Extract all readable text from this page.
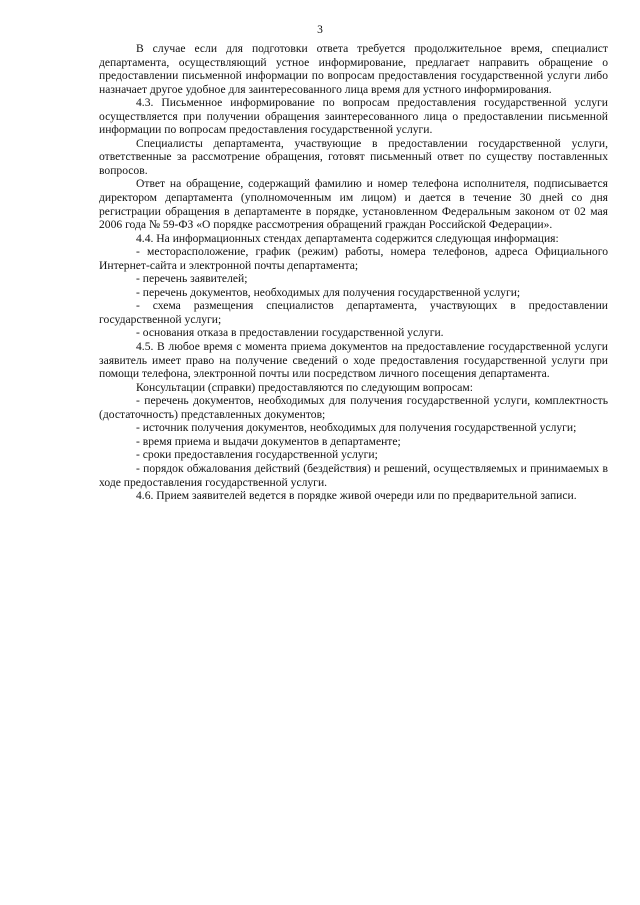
3

В случае если для подготовки ответа требуется продолжительное время, специалист департамента, осуществляющий устное информирование, предлагает направить обращение о предоставлении письменной информации по вопросам предоставления государственной услуги либо назначает другое удобное для заинтересованного лица время для устного информирования.

4.3. Письменное информирование по вопросам предоставления государственной услуги осуществляется при получении обращения заинтересованного лица о предоставлении письменной информации по вопросам предоставления государственной услуги.

Специалисты департамента, участвующие в предоставлении государственной услуги, ответственные за рассмотрение обращения, готовят письменный ответ по существу поставленных вопросов.

Ответ на обращение, содержащий фамилию и номер телефона исполнителя, подписывается директором департамента (уполномоченным им лицом) и дается в течение 30 дней со дня регистрации обращения в департаменте в порядке, установленном Федеральным законом от 02 мая 2006 года № 59-ФЗ «О порядке рассмотрения обращений граждан Российской Федерации».

4.4. На информационных стендах департамента содержится следующая информация:

- месторасположение, график (режим) работы, номера телефонов, адреса Официального Интернет-сайта и электронной почты департамента;

- перечень заявителей;

- перечень документов, необходимых для получения государственной услуги;

- схема размещения специалистов департамента, участвующих в предоставлении государственной услуги;

- основания отказа в предоставлении государственной услуги.

4.5. В любое время с момента приема документов на предоставление государственной услуги заявитель имеет право на получение сведений о ходе предоставления государственной услуги при помощи телефона, электронной почты или посредством личного посещения департамента.

Консультации (справки) предоставляются по следующим вопросам:

- перечень документов, необходимых для получения государственной услуги, комплектность (достаточность) представленных документов;

- источник получения документов, необходимых для получения государственной услуги;

- время приема и выдачи документов в департаменте;

- сроки предоставления государственной услуги;

- порядок обжалования действий (бездействия) и решений, осуществляемых и принимаемых в ходе предоставления государственной услуги.

4.6. Прием заявителей ведется в порядке живой очереди или по предварительной записи.
